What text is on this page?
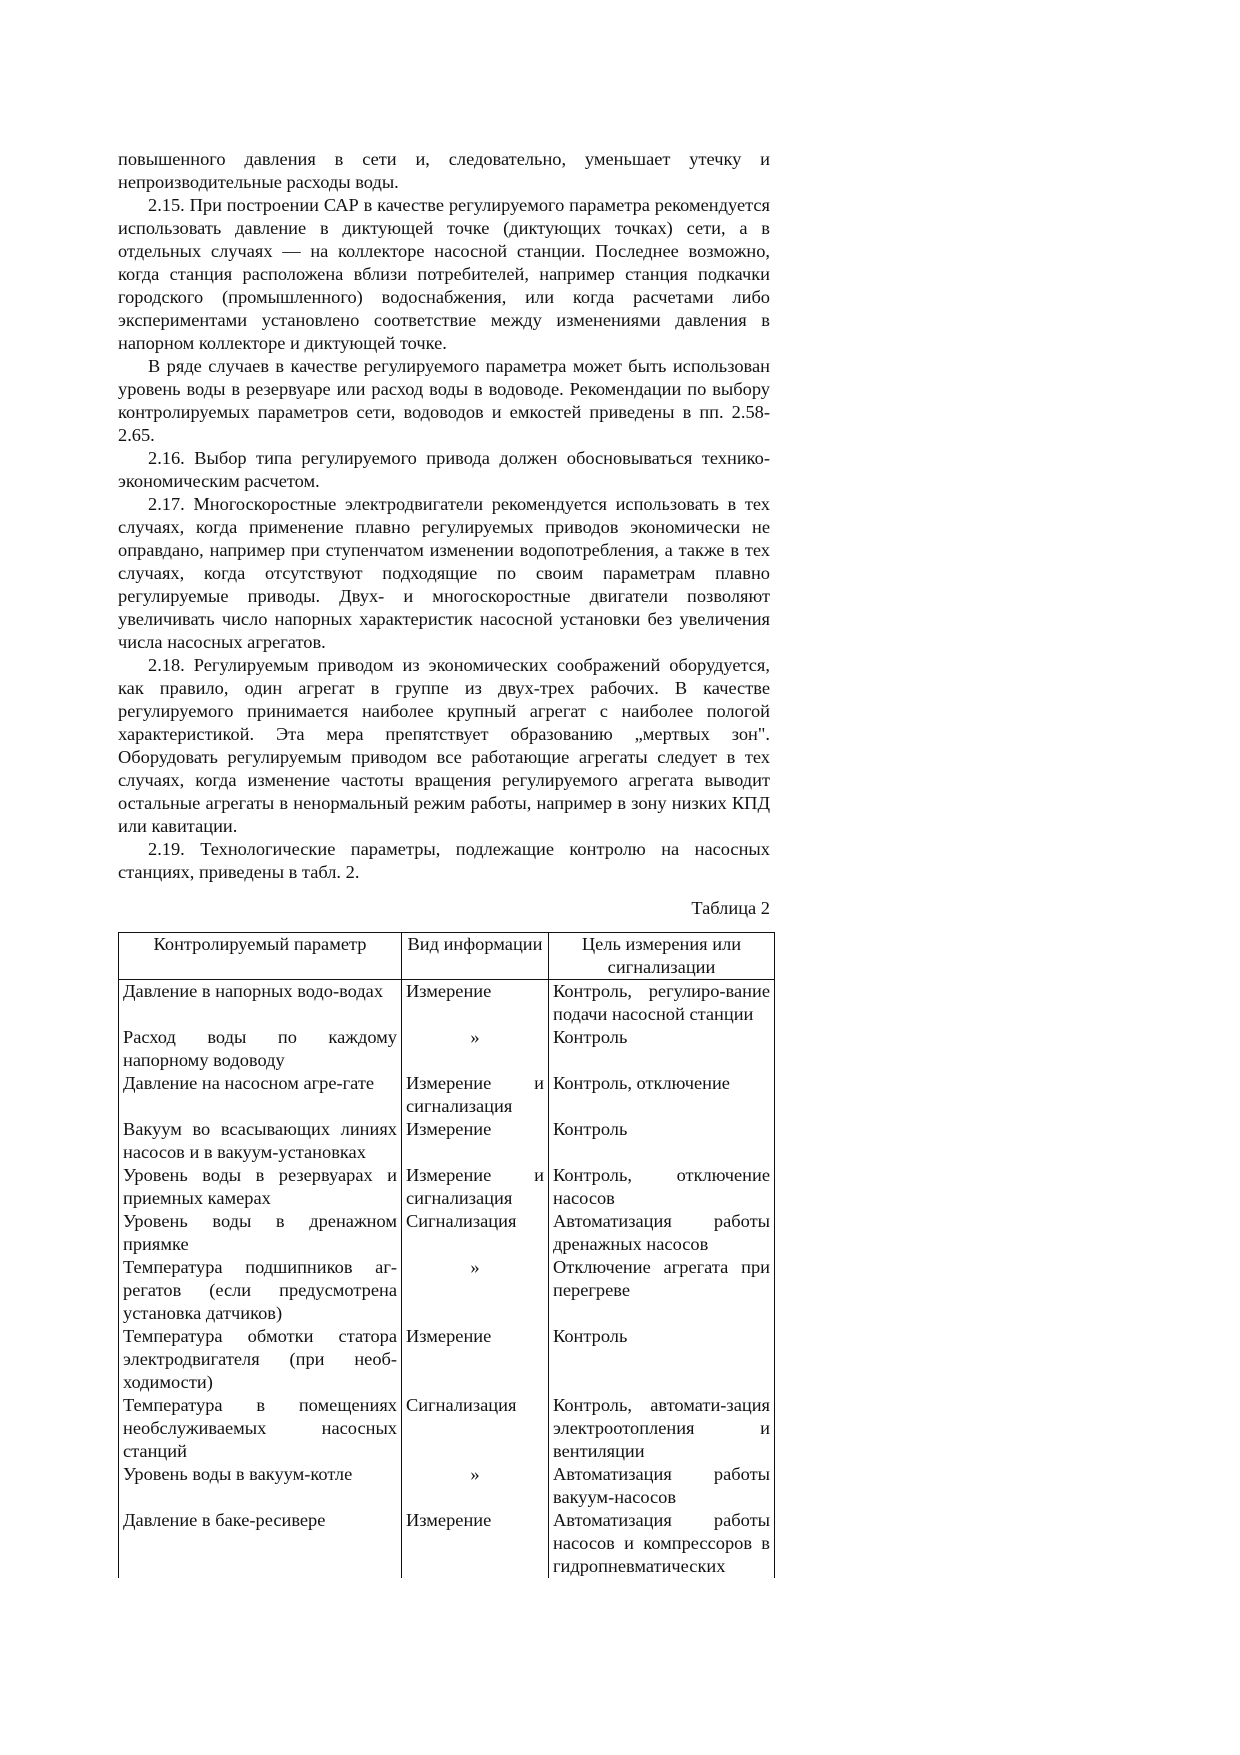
повышенного давления в сети и, следовательно, уменьшает утечку и непроизводительные расходы воды.

2.15. При построении САР в качестве регулируемого параметра рекомендуется использовать давление в диктующей точке (диктующих точках) сети, а в отдельных случаях — на коллекторе насосной станции. Последнее возможно, когда станция расположена вблизи потребителей, например станция подкачки городского (промышленного) водоснабжения, или когда расчетами либо экспериментами установлено соответствие между изменениями давления в напорном коллекторе и диктующей точке.

В ряде случаев в качестве регулируемого параметра может быть использован уровень воды в резервуаре или расход воды в водоводе. Рекомендации по выбору контролируемых параметров сети, водоводов и емкостей приведены в пп. 2.58-2.65.

2.16. Выбор типа регулируемого привода должен обосновываться технико-экономическим расчетом.

2.17. Многоскоростные электродвигатели рекомендуется использовать в тех случаях, когда применение плавно регулируемых приводов экономически не оправдано, например при ступенчатом изменении водопотребления, а также в тех случаях, когда отсутствуют подходящие по своим параметрам плавно регулируемые приводы. Двух- и многоскоростные двигатели позволяют увеличивать число напорных характеристик насосной установки без увеличения числа насосных агрегатов.

2.18. Регулируемым приводом из экономических соображений оборудуется, как правило, один агрегат в группе из двух-трех рабочих. В качестве регулируемого принимается наиболее крупный агрегат с наиболее пологой характеристикой. Эта мера препятствует образованию „мертвых зон". Оборудовать регулируемым приводом все работающие агрегаты следует в тех случаях, когда изменение частоты вращения регулируемого агрегата выводит остальные агрегаты в ненормальный режим работы, например в зону низких КПД или кавитации.

2.19. Технологические параметры, подлежащие контролю на насосных станциях, приведены в табл. 2.

Таблица 2
Контролируемый параметр	Вид информации	Цель измерения или сигнализации
Давление в напорных водо-водах	Измерение	Контроль, регулиро-вание подачи насосной станции
Расход воды по каждому напорному водоводу	»	Контроль
Давление на насосном агре-гате	Измерение и сигнализация	Контроль, отключение
Вакуум во всасывающих линиях насосов и в вакуум-установках	Измерение	Контроль
Уровень воды в резервуарах и приемных камерах	Измерение и сигнализация	Контроль, отключение насосов
Уровень воды в дренажном приямке	Сигнализация	Автоматизация работы дренажных насосов
Температура подшипников аг-регатов (если предусмотрена установка датчиков)	»	Отключение агрегата при перегреве
Температура обмотки статора электродвигателя (при необ-ходимости)	Измерение	Контроль
Температура в помещениях необслуживаемых насосных станций	Сигнализация	Контроль, автомати-зация электроотопления и вентиляции
Уровень воды в вакуум-котле	»	Автоматизация работы вакуум-насосов
Давление в баке-ресивере	Измерение	Автоматизация работы насосов и компрессоров в гидропневматических
